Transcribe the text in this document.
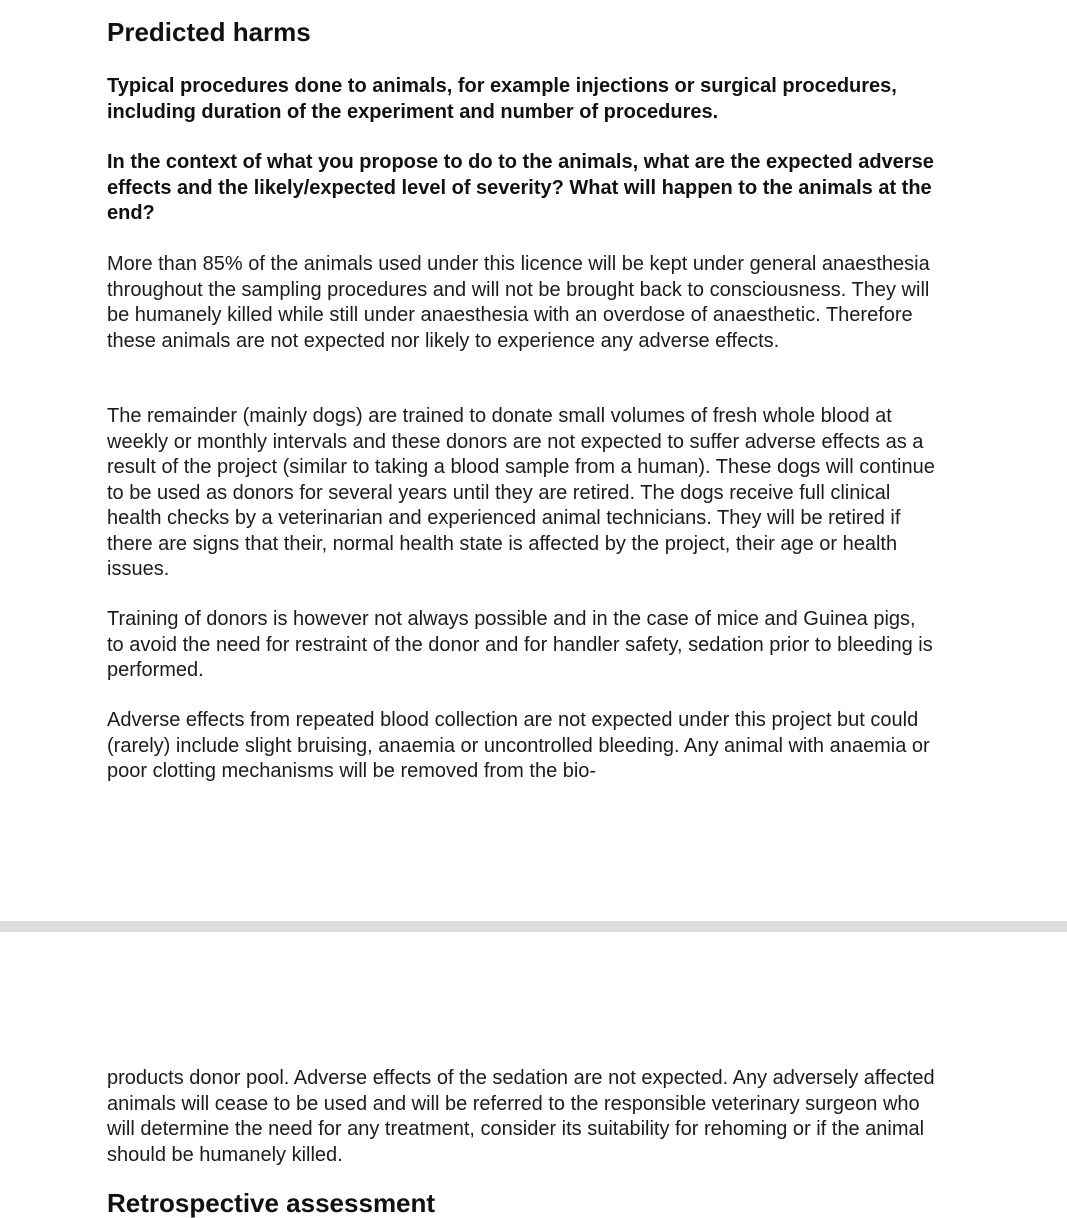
Predicted harms

Typical procedures done to animals, for example injections or surgical procedures, including duration of the experiment and number of procedures.

In the context of what you propose to do to the animals, what are the expected adverse effects and the likely/expected level of severity? What will happen to the animals at the end?

More than 85% of the animals used under this licence will be kept under general anaesthesia throughout the sampling procedures and will not be brought back to consciousness. They will be humanely killed while still under anaesthesia with an overdose of anaesthetic. Therefore these animals are not expected nor likely to experience any adverse effects.

The remainder (mainly dogs) are trained to donate small volumes of fresh whole blood at weekly or monthly intervals and these donors are not expected to suffer adverse effects as a result of the project (similar to taking a blood sample from a human). These dogs will continue to be used as donors for several years until they are retired. The dogs receive full clinical health checks by a veterinarian and experienced animal technicians. They will be retired if there are signs that their, normal health state is affected by the project, their age or health issues.

Training of donors is however not always possible and in the case of mice and Guinea pigs, to avoid the need for restraint of the donor and for handler safety, sedation prior to bleeding is performed.

Adverse effects from repeated blood collection are not expected under this project but could (rarely) include slight bruising, anaemia or uncontrolled bleeding. Any animal with anaemia or poor clotting mechanisms will be removed from the bio-

products donor pool. Adverse effects of the sedation are not expected. Any adversely affected animals will cease to be used and will be referred to the responsible veterinary surgeon who will determine the need for any treatment, consider its suitability for rehoming or if the animal should be humanely killed.

Retrospective assessment
